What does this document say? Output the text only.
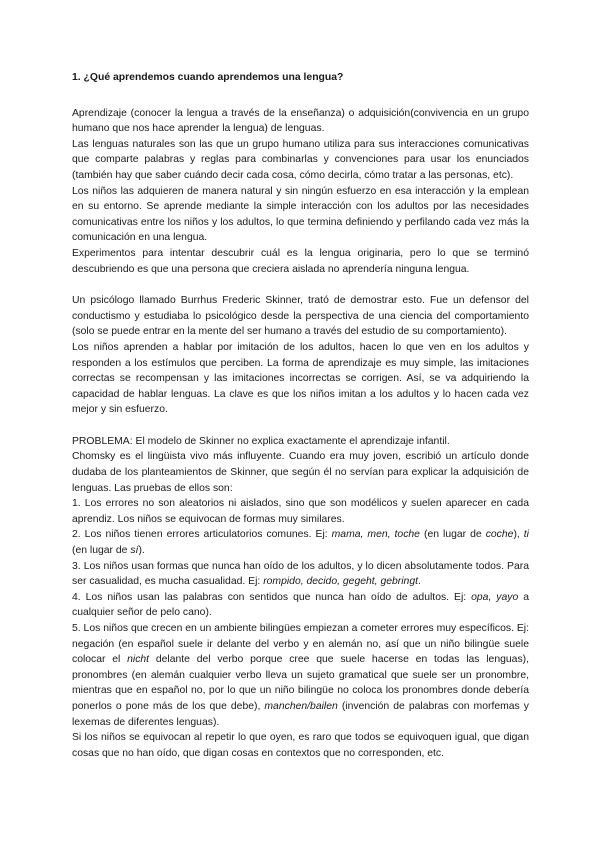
1. ¿Qué aprendemos cuando aprendemos una lengua?

Aprendizaje (conocer la lengua a través de la enseñanza) o adquisición(convivencia en un grupo humano que nos hace aprender la lengua) de lenguas.

Las lenguas naturales son las que un grupo humano utiliza para sus interacciones comunicativas que comparte palabras y reglas para combinarlas y convenciones para usar los enunciados (también hay que saber cuándo decir cada cosa, cómo decirla, cómo tratar a las personas, etc).

Los niños las adquieren de manera natural y sin ningún esfuerzo en esa interacción y la emplean en su entorno. Se aprende mediante la simple interacción con los adultos por las necesidades comunicativas entre los niños y los adultos, lo que termina definiendo y perfilando cada vez más la comunicación en una lengua.

Experimentos para intentar descubrir cuál es la lengua originaria, pero lo que se terminó descubriendo es que una persona que creciera aislada no aprendería ninguna lengua.

Un psicólogo llamado Burrhus Frederic Skinner, trató de demostrar esto. Fue un defensor del conductismo y estudiaba lo psicológico desde la perspectiva de una ciencia del comportamiento (solo se puede entrar en la mente del ser humano a través del estudio de su comportamiento).

Los niños aprenden a hablar por imitación de los adultos, hacen lo que ven en los adultos y responden a los estímulos que perciben. La forma de aprendizaje es muy simple, las imitaciones correctas se recompensan y las imitaciones incorrectas se corrigen. Así, se va adquiriendo la capacidad de hablar lenguas. La clave es que los niños imitan a los adultos y lo hacen cada vez mejor y sin esfuerzo.

PROBLEMA: El modelo de Skinner no explica exactamente el aprendizaje infantil.

Chomsky es el lingüista vivo más influyente. Cuando era muy joven, escribió un artículo donde dudaba de los planteamientos de Skinner, que según él no servían para explicar la adquisición de lenguas. Las pruebas de ellos son:

1. Los errores no son aleatorios ni aislados, sino que son modélicos y suelen aparecer en cada aprendiz. Los niños se equivocan de formas muy similares.

2. Los niños tienen errores articulatorios comunes. Ej: mama, men, toche (en lugar de coche), ti (en lugar de sí).

3. Los niños usan formas que nunca han oído de los adultos, y lo dicen absolutamente todos. Para ser casualidad, es mucha casualidad. Ej: rompido, decido, gegeht, gebringt.

4. Los niños usan las palabras con sentidos que nunca han oído de adultos. Ej: opa, yayo a cualquier señor de pelo cano).

5. Los niños que crecen en un ambiente bilingües empiezan a cometer errores muy específicos. Ej: negación (en español suele ir delante del verbo y en alemán no, así que un niño bilingüe suele colocar el nicht delante del verbo porque cree que suele hacerse en todas las lenguas), pronombres (en alemán cualquier verbo lleva un sujeto gramatical que suele ser un pronombre, mientras que en español no, por lo que un niño bilingüe no coloca los pronombres donde debería ponerlos o pone más de los que debe), manchen/bailen (invención de palabras con morfemas y lexemas de diferentes lenguas).

Si los niños se equivocan al repetir lo que oyen, es raro que todos se equivoquen igual, que digan cosas que no han oído, que digan cosas en contextos que no corresponden, etc.
